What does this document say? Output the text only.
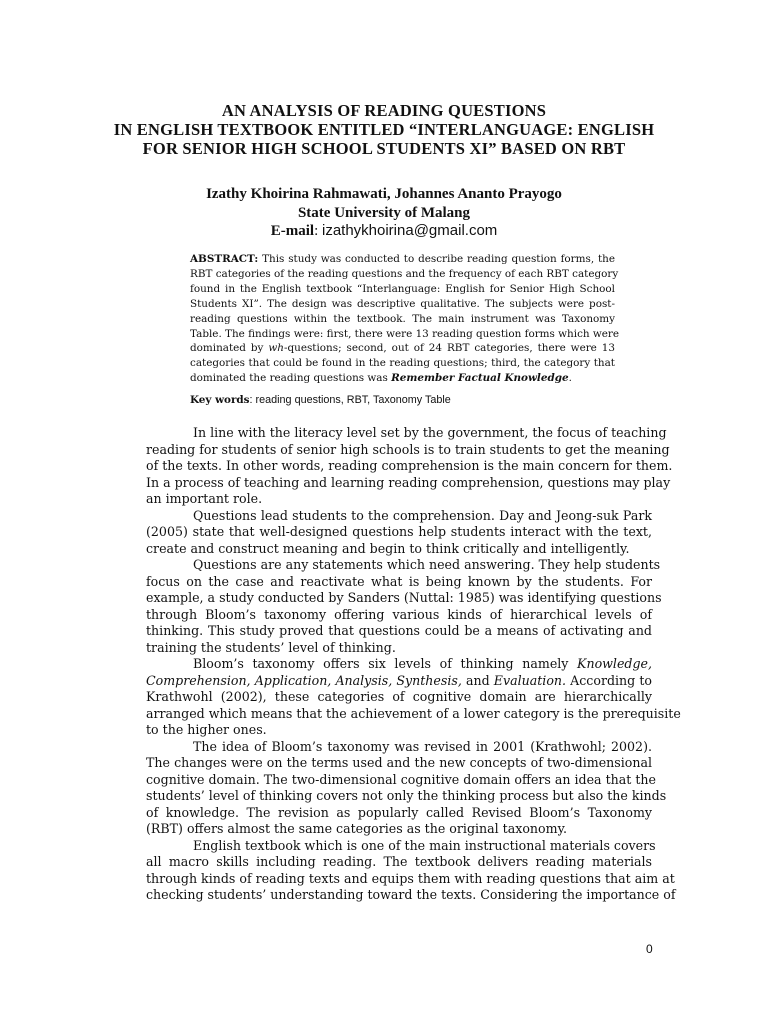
AN ANALYSIS OF READING QUESTIONS
IN ENGLISH TEXTBOOK ENTITLED “INTERLANGUAGE: ENGLISH
FOR SENIOR HIGH SCHOOL STUDENTS XI” BASED ON RBT
Izathy Khoirina Rahmawati, Johannes Ananto Prayogo
State University of Malang
E-mail: izathykhoirina@gmail.com
ABSTRACT: This study was conducted to describe reading question forms, the
RBT categories of the reading questions and the frequency of each RBT category
found in the English textbook “Interlanguage: English for Senior High School
Students XI”. The design was descriptive qualitative. The subjects were post-
reading questions within the textbook. The main instrument was Taxonomy
Table. The findings were: first, there were 13 reading question forms which were
dominated by wh-questions; second, out of 24 RBT categories, there were 13
categories that could be found in the reading questions; third, the category that
dominated the reading questions was Remember Factual Knowledge.
Key words: reading questions, RBT, Taxonomy Table
In line with the literacy level set by the government, the focus of teaching
reading for students of senior high schools is to train students to get the meaning
of the texts. In other words, reading comprehension is the main concern for them.
In a process of teaching and learning reading comprehension, questions may play
an important role.
Questions lead students to the comprehension. Day and Jeong-suk Park
(2005) state that well-designed questions help students interact with the text,
create and construct meaning and begin to think critically and intelligently.
Questions are any statements which need answering. They help students
focus on the case and reactivate what is being known by the students. For
example, a study conducted by Sanders (Nuttal: 1985) was identifying questions
through Bloom’s taxonomy offering various kinds of hierarchical levels of
thinking. This study proved that questions could be a means of activating and
training the students’ level of thinking.
Bloom’s taxonomy offers six levels of thinking namely Knowledge,
Comprehension, Application, Analysis, Synthesis, and Evaluation. According to
Krathwohl (2002), these categories of cognitive domain are hierarchically
arranged which means that the achievement of a lower category is the prerequisite
to the higher ones.
The idea of Bloom’s taxonomy was revised in 2001 (Krathwohl; 2002).
The changes were on the terms used and the new concepts of two-dimensional
cognitive domain. The two-dimensional cognitive domain offers an idea that the
students’ level of thinking covers not only the thinking process but also the kinds
of knowledge. The revision as popularly called Revised Bloom’s Taxonomy
(RBT) offers almost the same categories as the original taxonomy.
English textbook which is one of the main instructional materials covers
all macro skills including reading. The textbook delivers reading materials
through kinds of reading texts and equips them with reading questions that aim at
checking students’ understanding toward the texts. Considering the importance of
0
